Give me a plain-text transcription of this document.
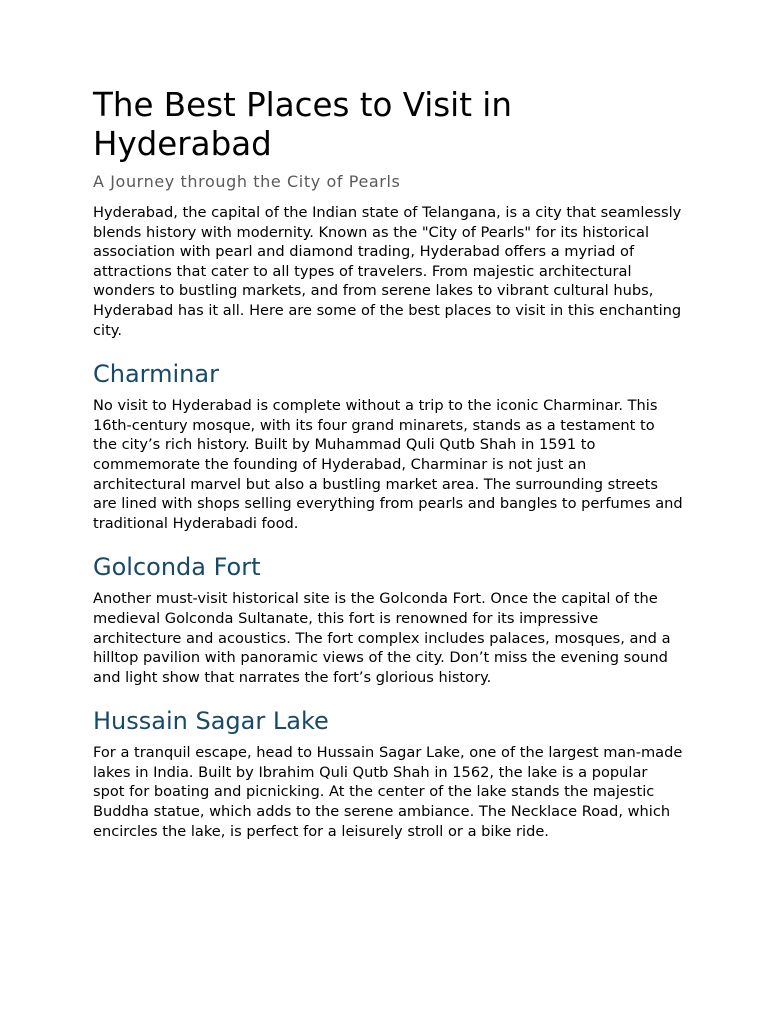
The Best Places to Visit in Hyderabad
A Journey through the City of Pearls

Hyderabad, the capital of the Indian state of Telangana, is a city that seamlessly blends history with modernity. Known as the "City of Pearls" for its historical association with pearl and diamond trading, Hyderabad offers a myriad of attractions that cater to all types of travelers. From majestic architectural wonders to bustling markets, and from serene lakes to vibrant cultural hubs, Hyderabad has it all. Here are some of the best places to visit in this enchanting city.

Charminar

No visit to Hyderabad is complete without a trip to the iconic Charminar. This 16th-century mosque, with its four grand minarets, stands as a testament to the city’s rich history. Built by Muhammad Quli Qutb Shah in 1591 to commemorate the founding of Hyderabad, Charminar is not just an architectural marvel but also a bustling market area. The surrounding streets are lined with shops selling everything from pearls and bangles to perfumes and traditional Hyderabadi food.

Golconda Fort

Another must-visit historical site is the Golconda Fort. Once the capital of the medieval Golconda Sultanate, this fort is renowned for its impressive architecture and acoustics. The fort complex includes palaces, mosques, and a hilltop pavilion with panoramic views of the city. Don’t miss the evening sound and light show that narrates the fort’s glorious history.

Hussain Sagar Lake

For a tranquil escape, head to Hussain Sagar Lake, one of the largest man-made lakes in India. Built by Ibrahim Quli Qutb Shah in 1562, the lake is a popular spot for boating and picnicking. At the center of the lake stands the majestic Buddha statue, which adds to the serene ambiance. The Necklace Road, which encircles the lake, is perfect for a leisurely stroll or a bike ride.
